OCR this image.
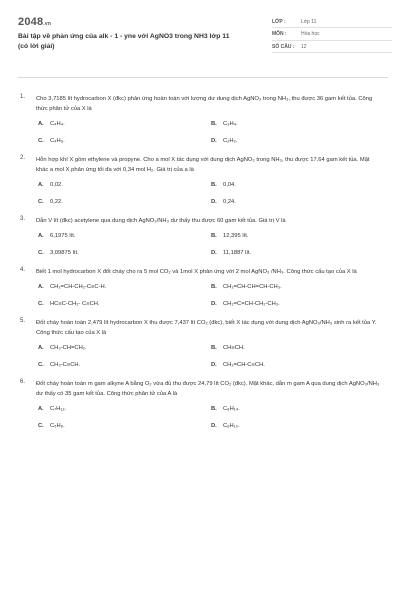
2048.vn
Bài tập về phản ứng của alk - 1 - yne với AgNO3 trong NH3 lớp 11 (có lời giải)
LỚP :	Lớp 11
MÔN :	Hóa học
SỐ CÂU :	12
1. Cho 3,7185 lít hydrocarbon X (đkc) phản ứng hoàn toàn với lượng dư dung dịch AgNO₃ trong NH₃, thu được 36 gam kết tủa. Công thức phân tử của X là
A.	C₄H₄.	B.	C₃H₄.
C.	C₄H₆.	D.	C₂H₂.
2. Hỗn hợp khí X gồm ethylene và propyne. Cho a mol X tác dụng với dung dịch AgNO₃ trong NH₃, thu được 17,64 gam kết tủa. Mặt khác a mol X phản ứng tối đa với 0,34 mol H₂. Giá trị của a là
A.	0,02.	B.	0,04.
C.	0,22.	D.	0,24.
3. Dẫn V lít (đkc) acetylene qua dung dịch AgNO₃/NH₃ dư thấy thu được 60 gam kết tủa. Giá trị V là
A.	6,1975 lít.	B.	12,395 lít.
C.	3,09875 lít.	D.	11,1887 lít.
4. Biết 1 mol hydrocarbon X đốt cháy cho ra 5 mol CO₂ và 1mol X phản ứng với 2 mol AgNO₃ /NH₃. Công thức cấu tạo của X là
A.	CH₂=CH-CH₂-C≡C-H.	B.	CH₂=CH-CH=CH-CH₃.
C.	HC≡C-CH₂- C≡CH.	D.	CH₂=C=CH-CH₂-CH₃.
5. Đốt cháy hoàn toàn 2,479 lít hydrocarbon X thu được 7,437 lít CO₂ (đkc), biết X tác dụng với dung dịch AgNO₃/NH₃ sinh ra kết tủa Y. Công thức cấu tạo của X là
A.	CH₃-CH=CH₂.	B.	CH≡CH.
C.	CH₃-C≡CH.	D.	CH₂=CH-C≡CH.
6. Đốt cháy hoàn toàn m gam alkyne A bằng O₂ vừa đủ thu được 24,79 lít CO₂ (đkc). Mặt khác, dẫn m gam A qua dung dịch AgNO₃/NH₃ dư thấy có 35 gam kết tủa. Công thức phân tử của A là
A.	C₇H₁₂.	B.	C₈H₁₄.
C.	C₅H₈.	D.	C₆H₁₀.
